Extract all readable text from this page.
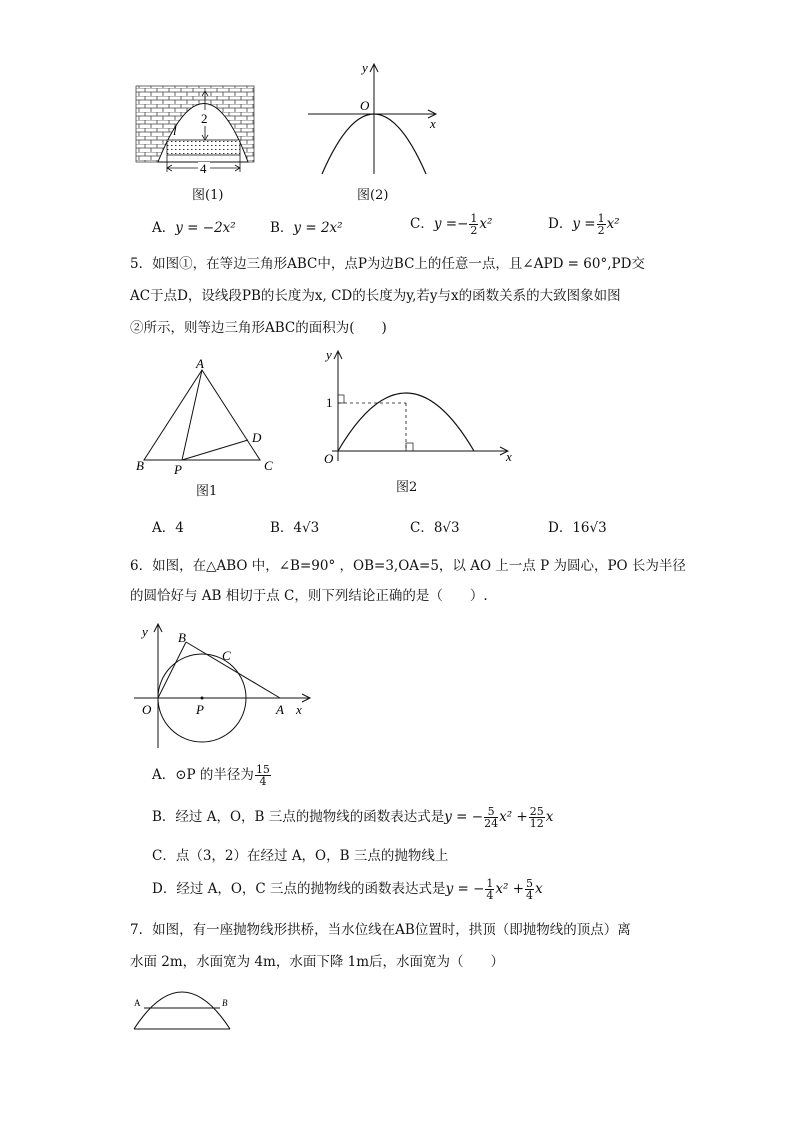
2
4
l
图(1)
y
O
x
图(2)
A．y = −2x²	B．y = 2x²	C．$y =- \frac{1}{2} x^2$	D．$y = \frac{1}{2} x^2$
5．如图①，在等边三角形ABC中，点P为边BC上的任意一点，且∠APD = 60°,PD交
AC于点D，设线段PB的长度为x, CD的长度为y,若y与x的函数关系的大致图象如图
②所示，则等边三角形ABC的面积为(　　)
A
B	C
D
P
图1
y
1
O	x
图2
A．4	B．4√3	C．8√3	D．16√3
6．如图，在△ABO 中，∠B=90° ，OB=3,OA=5，以 AO 上一点 P 为圆心，PO 长为半径
的圆恰好与 AB 相切于点 C，则下列结论正确的是（　　）.
y B
C
O	P	A x
A．⊙P 的半径为 $\frac{15}{4}$
B．经过 A，O，B 三点的抛物线的函数表达式是y = − $\frac{5}{24} x^2 + \frac{25}{12}$ x
C．点（3，2）在经过 A，O，B 三点的抛物线上
D．经过 A，O，C 三点的抛物线的函数表达式是y = − $\frac{1}{4} x^2 + \frac{5}{4}$ x
7．如图，有一座抛物线形拱桥，当水位线在AB位置时，拱顶（即抛物线的顶点）离
水面 2m，水面宽为 4m，水面下降 1m后，水面宽为（　　）
A	B
